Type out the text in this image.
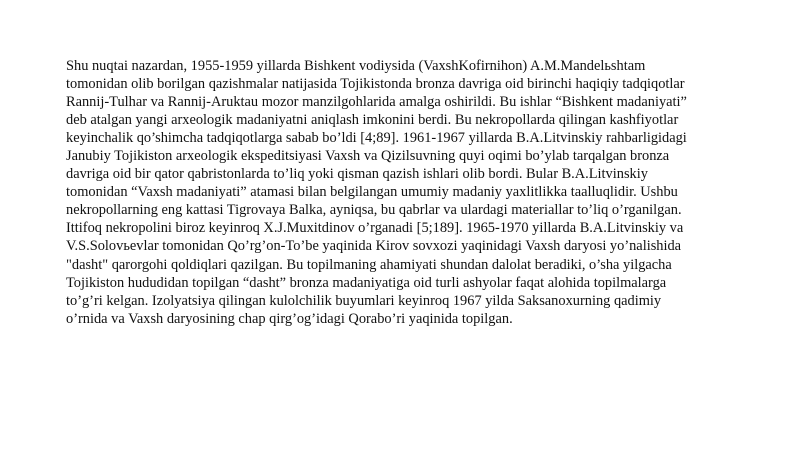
Shu nuqtai nazardan, 1955-1959 yillarda Bishkent vodiysida (VaxshKofirnihon) A.M.Mandelьshtam
tomonidan olib borilgan qazishmalar natijasida Tojikistonda bronza davriga oid birinchi haqiqiy tadqiqotlar
Rannij-Tulhar va Rannij-Aruktau mozor manzilgohlarida amalga oshirildi. Bu ishlar “Bishkent madaniyati”
deb atalgan yangi arxeologik madaniyatni aniqlash imkonini berdi. Bu nekropollarda qilingan kashfiyotlar
keyinchalik qo’shimcha tadqiqotlarga sabab bo’ldi [4;89]. 1961-1967 yillarda B.A.Litvinskiy rahbarligidagi
Janubiy Tojikiston arxeologik ekspeditsiyasi Vaxsh va Qizilsuvning quyi oqimi bo’ylab tarqalgan bronza
davriga oid bir qator qabristonlarda to’liq yoki qisman qazish ishlari olib bordi. Bular B.A.Litvinskiy
tomonidan “Vaxsh madaniyati” atamasi bilan belgilangan umumiy madaniy yaxlitlikka taalluqlidir. Ushbu
nekropollarning eng kattasi Tigrovaya Balka, ayniqsa, bu qabrlar va ulardagi materiallar to’liq o’rganilgan.
Ittifoq nekropolini biroz keyinroq X.J.Muxitdinov o’rganadi [5;189]. 1965-1970 yillarda B.A.Litvinskiy va
V.S.Solovьevlar tomonidan Qo’rg’on-To’be yaqinida Kirov sovxozi yaqinidagi Vaxsh daryosi yo’nalishida
"dasht" qarorgohi qoldiqlari qazilgan. Bu topilmaning ahamiyati shundan dalolat beradiki, o’sha yilgacha
Tojikiston hududidan topilgan “dasht” bronza madaniyatiga oid turli ashyolar faqat alohida topilmalarga
to’g’ri kelgan. Izolyatsiya qilingan kulolchilik buyumlari keyinroq 1967 yilda Saksanoxurning qadimiy
o’rnida va Vaxsh daryosining chap qirg’og’idagi Qorabo’ri yaqinida topilgan.
